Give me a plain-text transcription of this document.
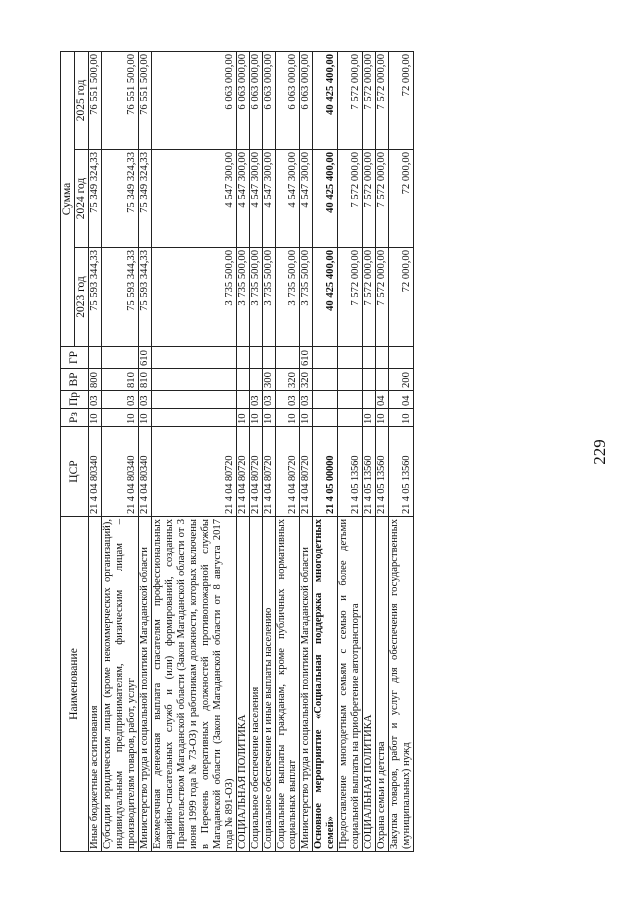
229
Наименование	ЦСР	Рз	Пр	ВР	ГР	Сумма		
						2023 год	2024 год	2025 год
Иные бюджетные ассигнования	21 4 04 80340	10	03	800		75 593 344,33	75 349 324,33	76 551 500,00
Субсидии юридическим лицам (кроме некоммерческих организаций), индивидуальным предпринимателям, физическим лицам – производителям товаров, работ, услуг	21 4 04 80340	10	03	810		75 593 344,33	75 349 324,33	76 551 500,00
Министерство труда и социальной политики Магаданской области	21 4 04 80340	10	03	810	610	75 593 344,33	75 349 324,33	76 551 500,00
Ежемесячная денежная выплата спасателям профессиональных аварийно-спасательных служб и (или) формирований, созданных Правительством Магаданской области (Закон Магаданской области от 3 июня 1999 года № 73-ОЗ) и работникам должности, которых включены в Перечень оперативных должностей противопожарной службы Магаданской области (Закон Магаданской области от 8 августа 2017 года № 891-ОЗ)	21 4 04 80720					3 735 500,00	4 547 300,00	6 063 000,00
СОЦИАЛЬНАЯ ПОЛИТИКА	21 4 04 80720	10				3 735 500,00	4 547 300,00	6 063 000,00
Социальное обеспечение населения	21 4 04 80720	10	03			3 735 500,00	4 547 300,00	6 063 000,00
Социальное обеспечение и иные выплаты населению	21 4 04 80720	10	03	300		3 735 500,00	4 547 300,00	6 063 000,00
Социальные выплаты гражданам, кроме публичных нормативных социальных выплат	21 4 04 80720	10	03	320		3 735 500,00	4 547 300,00	6 063 000,00
Министерство труда и социальной политики Магаданской области	21 4 04 80720	10	03	320	610	3 735 500,00	4 547 300,00	6 063 000,00
Основное мероприятие «Социальная поддержка многодетных семей»	21 4 05 00000					40 425 400,00	40 425 400,00	40 425 400,00
Предоставление многодетным семьям с семью и более детьми социальной выплаты на приобретение автотранспорта	21 4 05 13560					7 572 000,00	7 572 000,00	7 572 000,00
СОЦИАЛЬНАЯ ПОЛИТИКА	21 4 05 13560	10				7 572 000,00	7 572 000,00	7 572 000,00
Охрана семьи и детства	21 4 05 13560	10	04			7 572 000,00	7 572 000,00	7 572 000,00
Закупка товаров, работ и услуг для обеспечения государственных (муниципальных) нужд	21 4 05 13560	10	04	200		72 000,00	72 000,00	72 000,00
